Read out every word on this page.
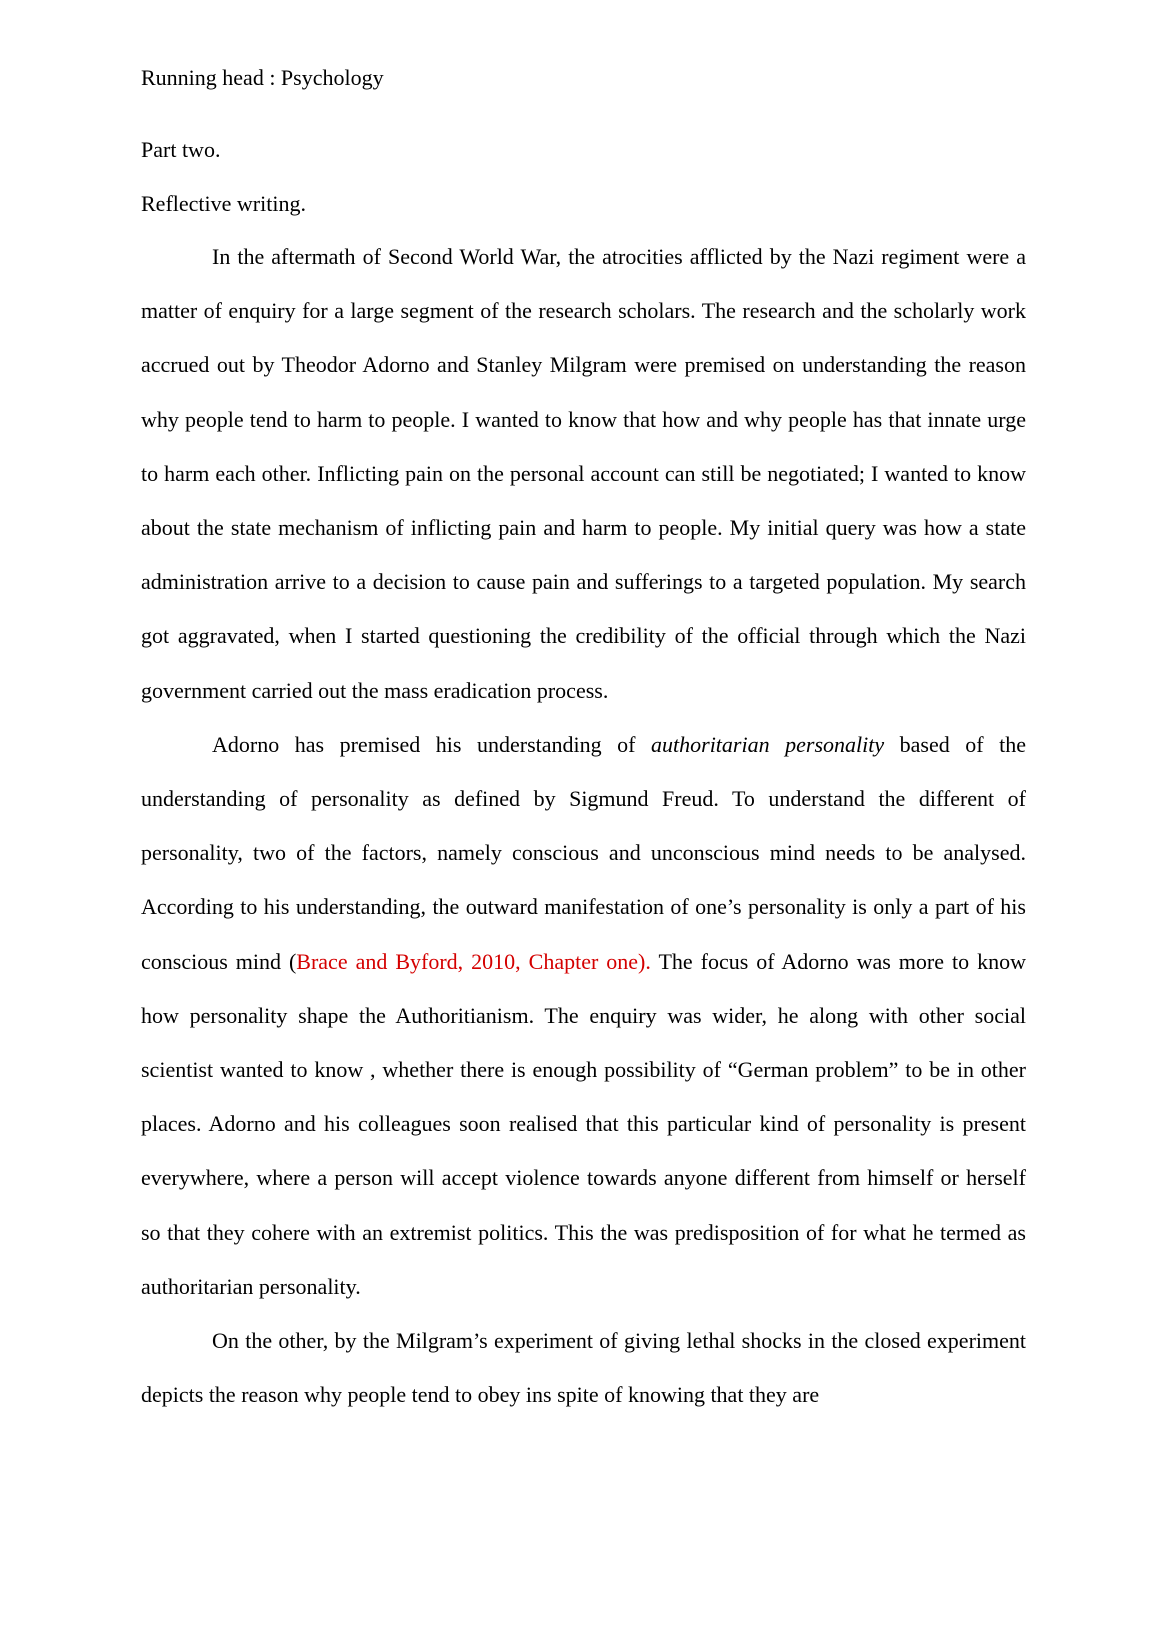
Running head : Psychology

Part two.

Reflective writing.

In the aftermath of Second World War, the atrocities afflicted by the Nazi regiment were a matter of enquiry for a large segment of the research scholars. The research and the scholarly work accrued out by Theodor Adorno and Stanley Milgram were premised on understanding the reason why people tend to harm to people. I wanted to know that how and why people has that innate urge to harm each other. Inflicting pain on the personal account can still be negotiated; I wanted to know about the state mechanism of inflicting pain and harm to people. My initial query was how a state administration arrive to a decision to cause pain and sufferings to a targeted population. My search got aggravated, when I started questioning the credibility of the official through which the Nazi government carried out the mass eradication process.

Adorno has premised his understanding of authoritarian personality based of the understanding of personality as defined by Sigmund Freud. To understand the different of personality, two of the factors, namely conscious and unconscious mind needs to be analysed. According to his understanding, the outward manifestation of one’s personality is only a part of his conscious mind (Brace and Byford, 2010, Chapter one). The focus of Adorno was more to know how personality shape the Authoritianism. The enquiry was wider, he along with other social scientist wanted to know , whether there is enough possibility of “German problem” to be in other places. Adorno and his colleagues soon realised that this particular kind of personality is present everywhere, where a person will accept violence towards anyone different from himself or herself so that they cohere with an extremist politics. This the was predisposition of for what he termed as authoritarian personality.

On the other, by the Milgram’s experiment of giving lethal shocks in the closed experiment depicts the reason why people tend to obey ins spite of knowing that they are
